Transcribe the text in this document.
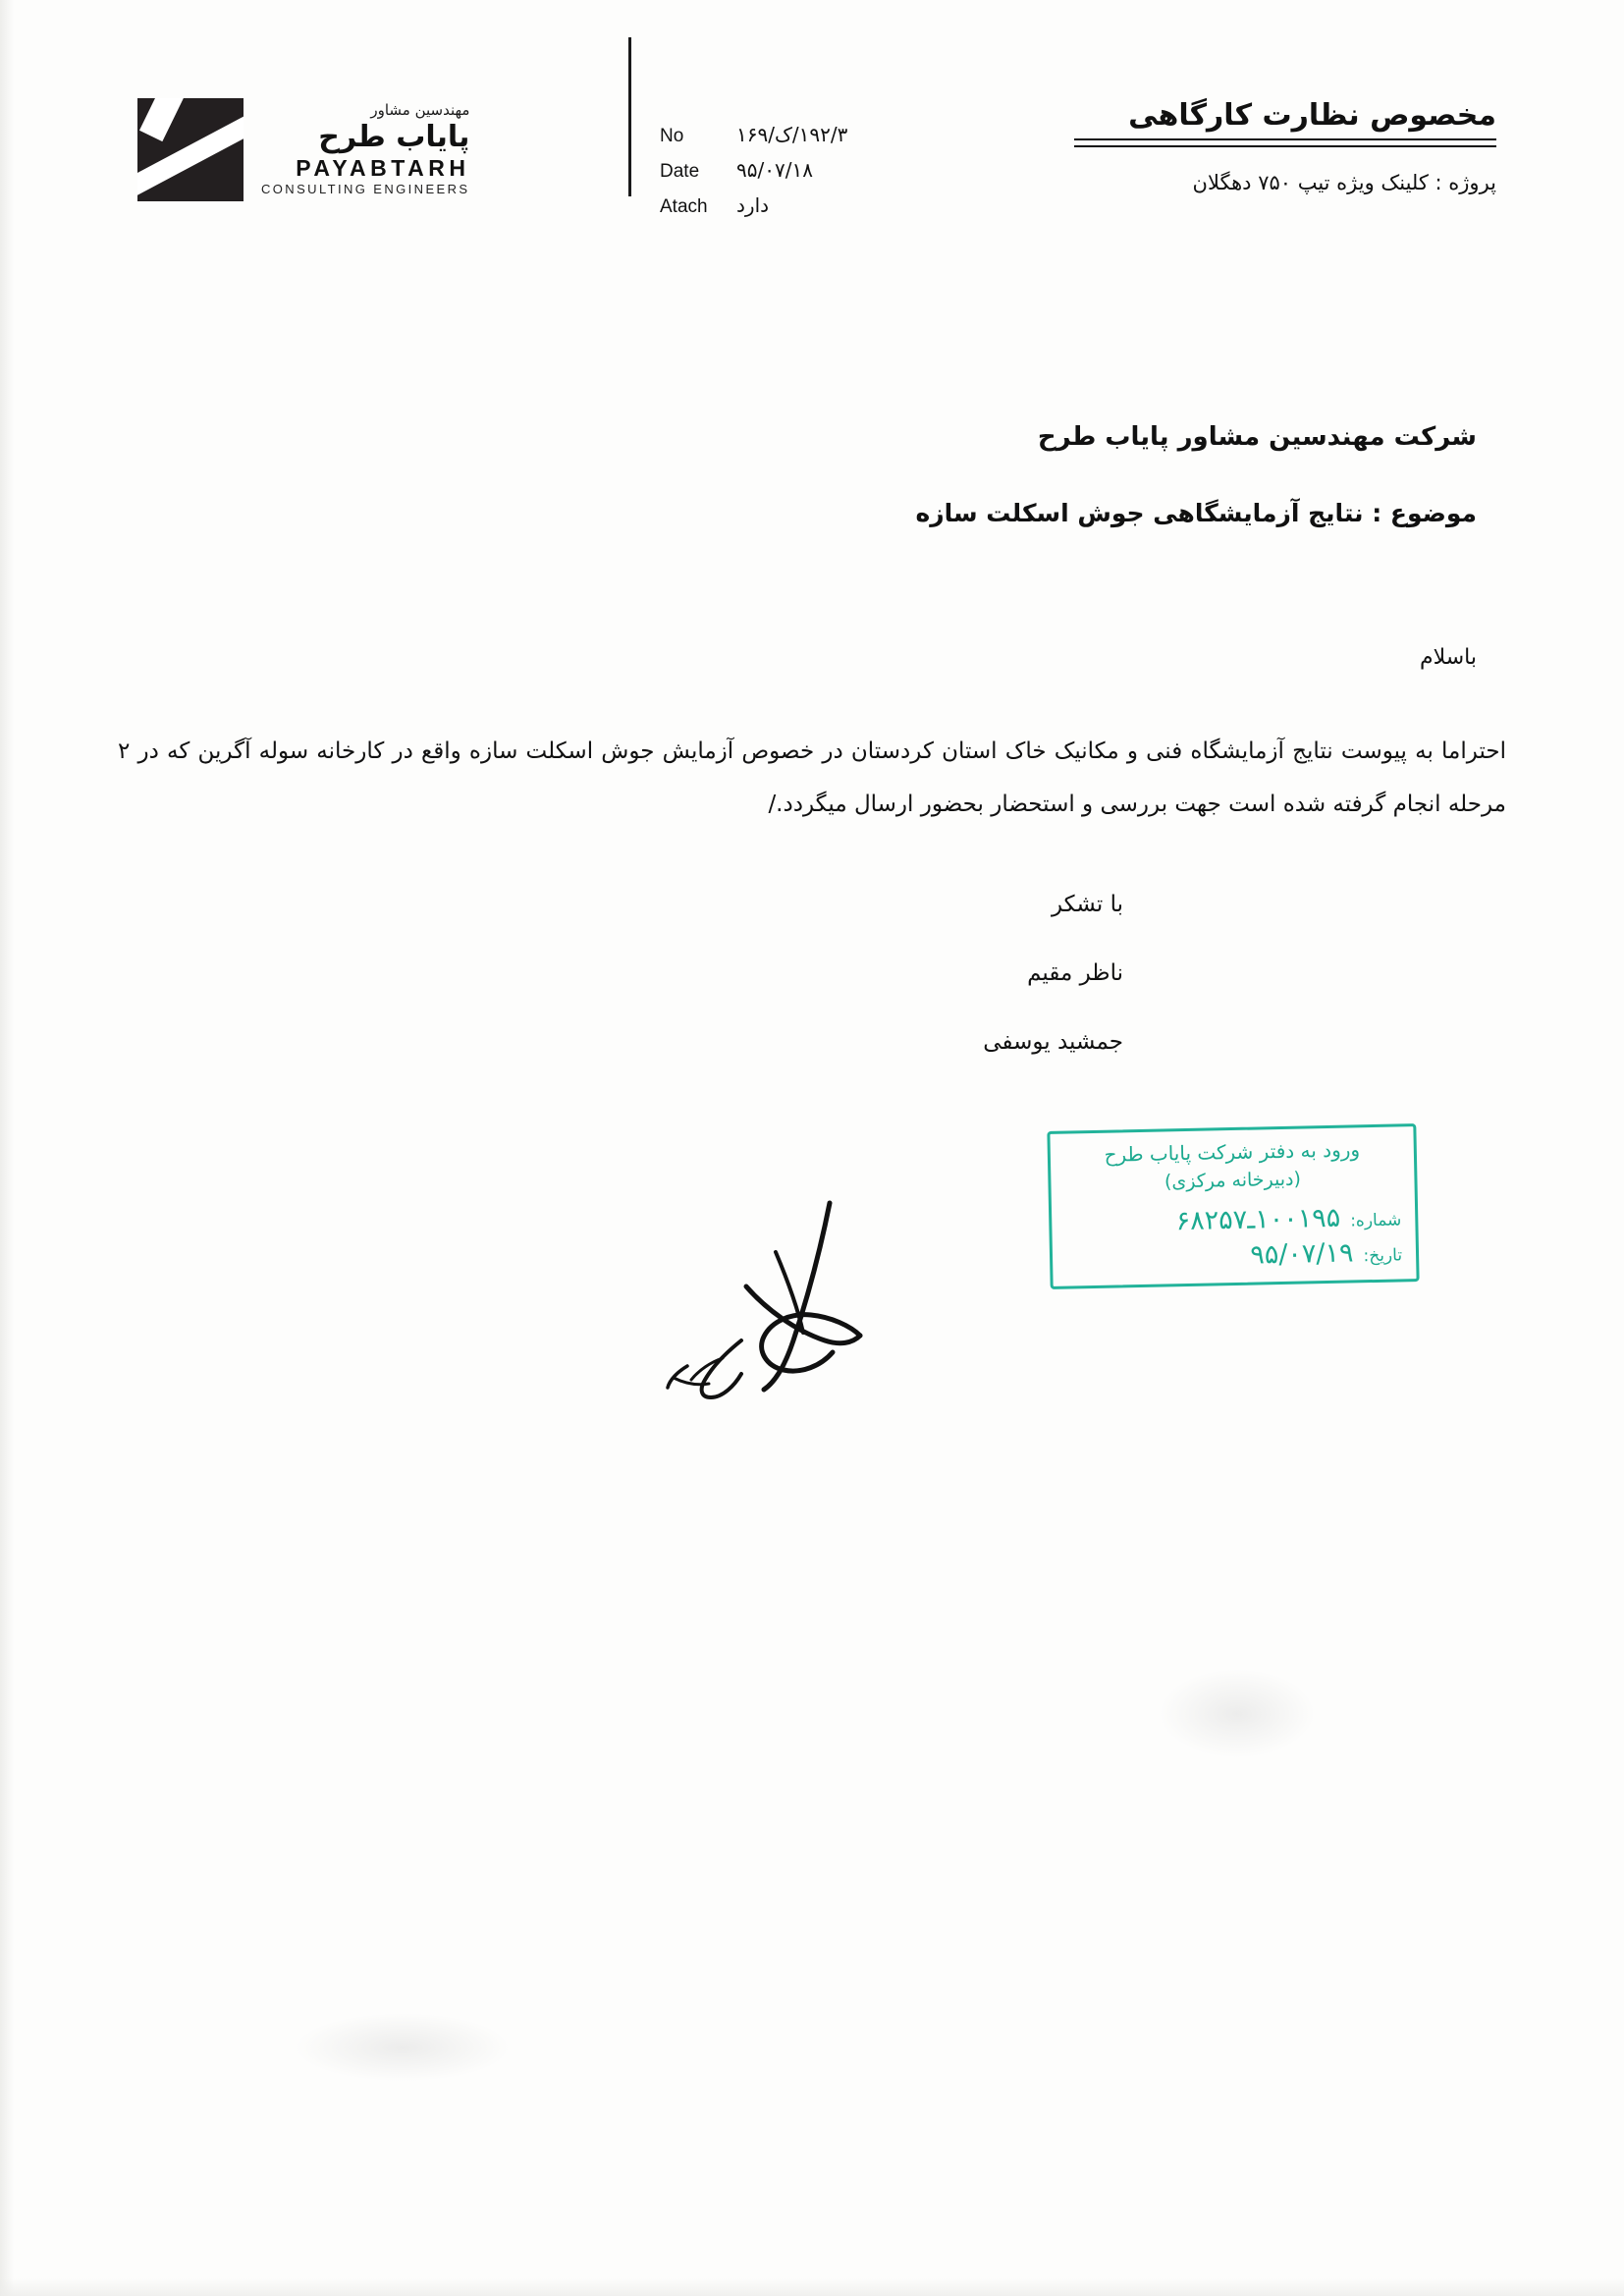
مهندسین مشاور
پایاب طرح
PAYABTARH
CONSULTING ENGINEERS
No	۱۹۲/۳/ک/۱۶۹
Date	۹۵/۰۷/۱۸
Atach	دارد
مخصوص نظارت کارگاهی
پروژه : کلینک ویژه تیپ ۷۵۰ دهگلان
شرکت مهندسین مشاور پایاب طرح
موضوع : نتایج آزمایشگاهی جوش اسکلت سازه
باسلام
احتراما به پیوست نتایج آزمایشگاه فنی و مکانیک خاک استان کردستان در خصوص آزمایش جوش اسکلت سازه واقع در کارخانه سوله آگرین که در ۲ مرحله انجام گرفته شده است جهت بررسی و استحضار بحضور ارسال میگردد./
با تشکر
ناظر مقیم
جمشید یوسفی
ورود به دفتر شرکت پایاب طرح
(دبیرخانه مرکزی)
شماره:
۱۰۰۱۹۵ـ۶۸۲۵۷
تاریخ:
۹۵/۰۷/۱۹
